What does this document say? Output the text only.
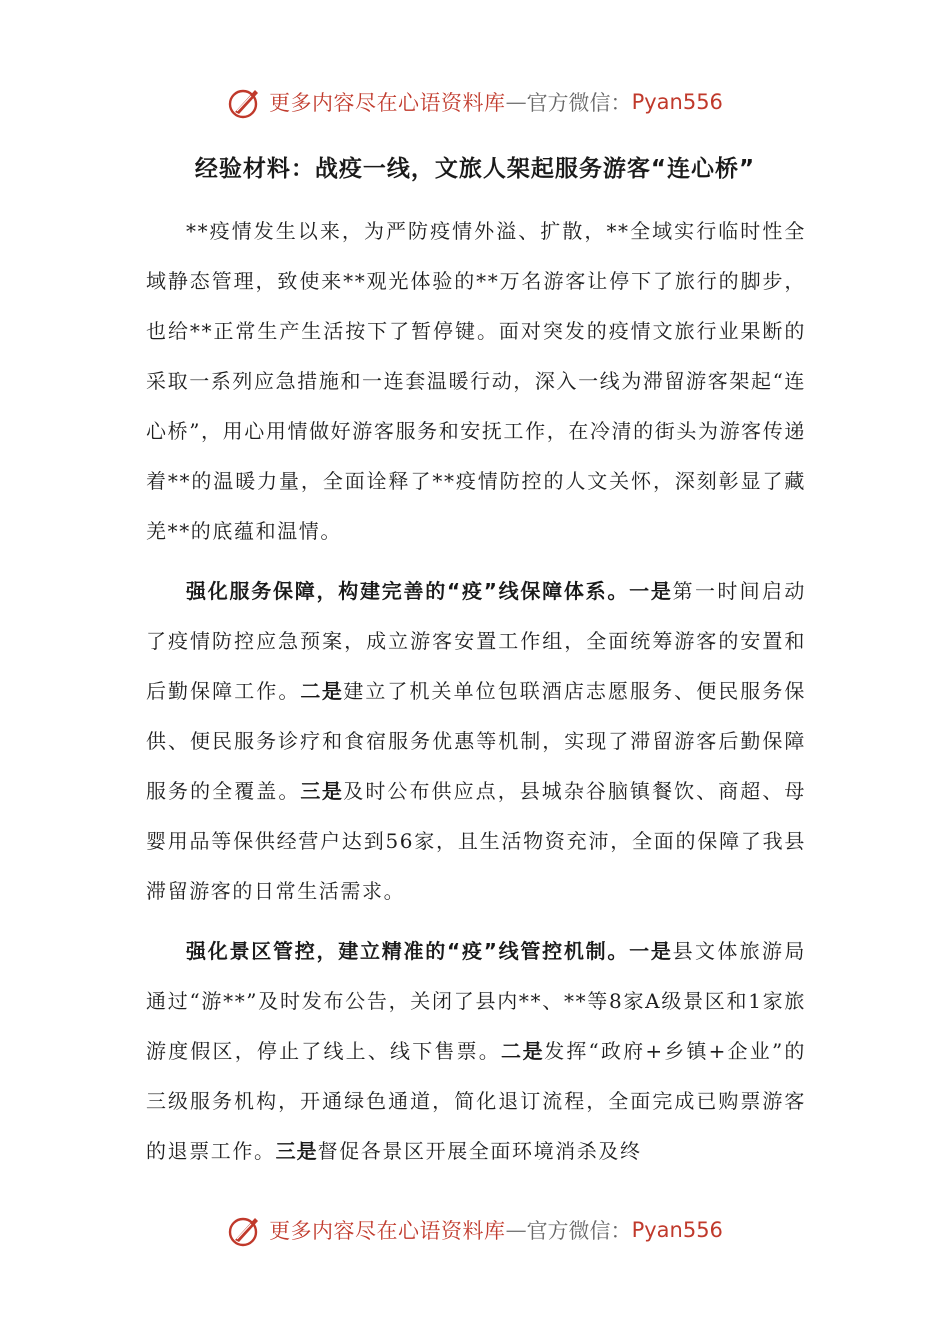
更多内容尽在心语资料库 — 官方微信： Pyan556
经验材料：战疫一线，文旅人架起服务游客“连心桥”

**疫情发生以来，为严防疫情外溢、扩散，**全域实行临时性全域静态管理，致使来**观光体验的**万名游客让停下了旅行的脚步，也给**正常生产生活按下了暂停键。面对突发的疫情文旅行业果断的采取一系列应急措施和一连套温暖行动，深入一线为滞留游客架起“连心桥”，用心用情做好游客服务和安抚工作，在冷清的街头为游客传递着**的温暖力量，全面诠释了**疫情防控的人文关怀，深刻彰显了藏羌**的底蕴和温情。

强化服务保障，构建完善的“疫”线保障体系。一是第一时间启动了疫情防控应急预案，成立游客安置工作组，全面统筹游客的安置和后勤保障工作。二是建立了机关单位包联酒店志愿服务、便民服务保供、便民服务诊疗和食宿服务优惠等机制，实现了滞留游客后勤保障服务的全覆盖。三是及时公布供应点，县城杂谷脑镇餐饮、商超、母婴用品等保供经营户达到56家，且生活物资充沛，全面的保障了我县滞留游客的日常生活需求。

强化景区管控，建立精准的“疫”线管控机制。一是县文体旅游局通过“游**”及时发布公告，关闭了县内**、**等8家A级景区和1家旅游度假区，停止了线上、线下售票。二是发挥“政府+乡镇+企业”的三级服务机构，开通绿色通道，简化退订流程，全面完成已购票游客的退票工作。三是督促各景区开展全面环境消杀及终

更多内容尽在心语资料库 — 官方微信： Pyan556
